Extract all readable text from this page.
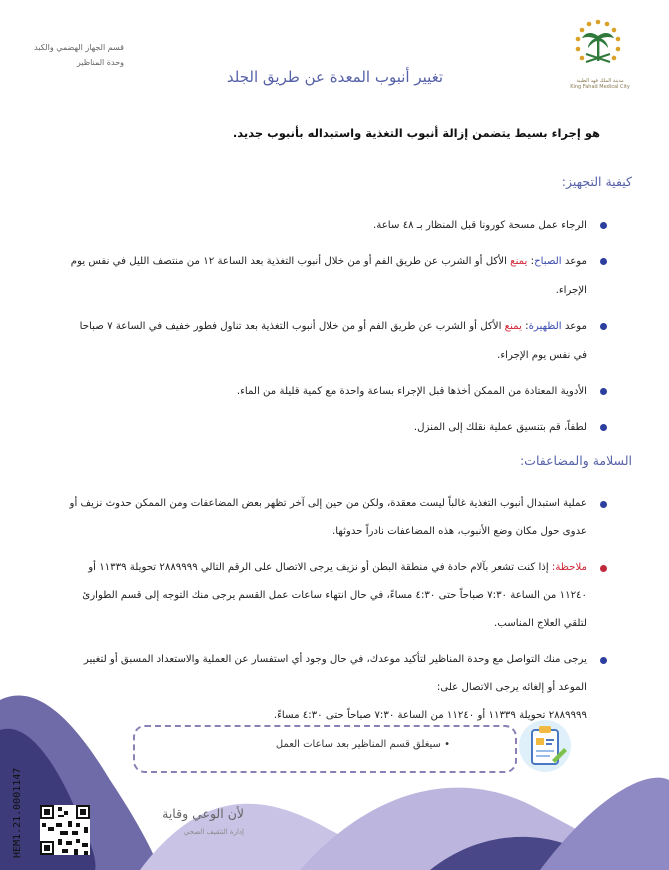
مدينة الملك فهد الطبية
King Fahad Medical City
قسم الجهاز الهضمي والكبد
وحدة المناظير
تغيير أنبوب المعدة عن طريق الجلد
هو إجراء بسيط يتضمن إزالة أنبوب التغذية واستبداله بأنبوب جديد.
كيفية التجهيز:
الرجاء عمل مسحة كورونا قبل المنظار بـ ٤٨ ساعة.
موعد الصباح: يمنع الأكل أو الشرب عن طريق الفم أو من خلال أنبوب التغذية بعد الساعة ١٢ من منتصف الليل في نفس يوم الإجراء.
موعد الظهيرة: يمنع الأكل أو الشرب عن طريق الفم أو من خلال أنبوب التغذية بعد تناول فطور خفيف في الساعة ٧ صباحا في نفس يوم الإجراء.
الأدوية المعتادة من الممكن أخذها قبل الإجراء بساعة واحدة مع كمية قليلة من الماء.
لطفاً، قم بتنسيق عملية نقلك إلى المنزل.
السلامة والمضاعفات:
عملية استبدال أنبوب التغذية غالباً ليست معقدة، ولكن من حين إلى آخر تظهر بعض المضاعفات ومن الممكن حدوث نزيف أو عدوى حول مكان وضع الأنبوب، هذه المضاعفات نادراً حدوثها.
ملاحظة: إذا كنت تشعر بآلام حادة في منطقة البطن أو نزيف يرجى الاتصال على الرقم التالي ٢٨٨٩٩٩٩ تحويلة ١١٣٣٩ أو ١١٢٤٠ من الساعة ٧:٣٠ صباحاً حتى ٤:٣٠ مساءً، في حال انتهاء ساعات عمل القسم يرجى منك التوجه إلى قسم الطوارئ لتلقي العلاج المناسب.
يرجى منك التواصل مع وحدة المناظير لتأكيد موعدك، في حال وجود أي استفسار عن العملية والاستعداد المسبق أو لتغيير الموعد أو إلغائه يرجى الاتصال على:
٢٨٨٩٩٩٩ تحويلة ١١٣٣٩ أو ١١٢٤٠ من الساعة ٧:٣٠ صباحاً حتى ٤:٣٠ مساءً.
• سيغلق قسم المناظير بعد ساعات العمل
HEM1.21.0001147	لأن الوعي وقاية
إدارة التثقيف الصحي
